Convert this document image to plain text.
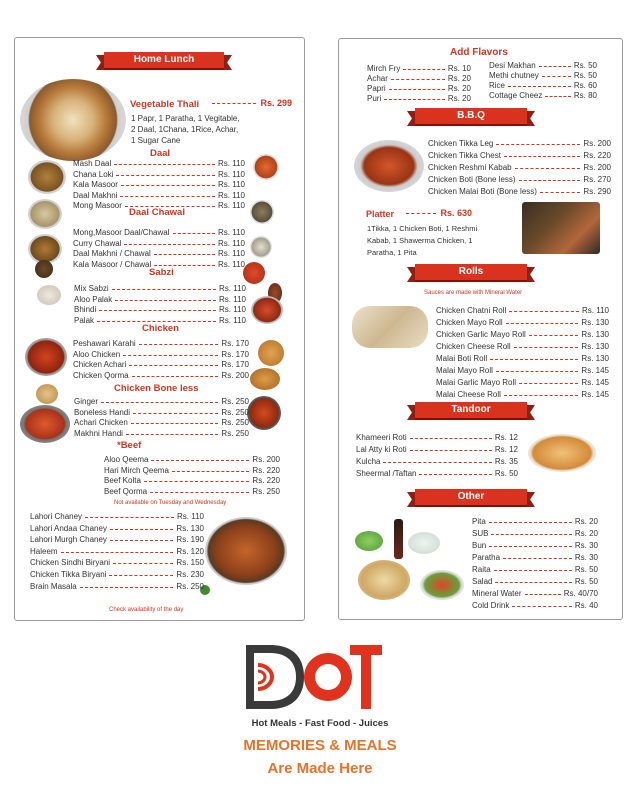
Home Lunch
Vegetable Thali	Rs. 299
1 Papr, 1 Paratha, 1 Vegitable,
2 Daal, 1Chana, 1Rice, Achar,
1 Sugar Cane
Daal
Daal Chawal
Sabzi
Chicken
Chicken Bone less
*Beef
Not available on Tuesday and Wednesday
Check availability of the day
Add Flavors
B.B.Q
Platter	Rs. 630
1Tikka, 1 Chicken Boti, 1 Reshmi
Kabab, 1 Shawerma Chicken, 1
Paratha, 1 Pita
Rolls
Sauces are made with Mineral Water
Tandoor
Other
Hot Meals - Fast Food - Juices
MEMORIES & MEALS
Are Made Here
Mash Daal	Rs. 110
Chana Loki	Rs. 110
Kala Masoor	Rs. 110
Daal Makhni	Rs. 110
Mong Masoor	Rs. 110
Mong,Masoor Daal/Chawal	Rs. 110
Curry Chawal	Rs. 110
Daal Makhni / Chawal	Rs. 110
Kala Masoor / Chawal	Rs. 110
Mix Sabzi	Rs. 110
Aloo Palak	Rs. 110
Bhindi	Rs. 110
Palak	Rs. 110
Peshawari Karahi	Rs. 170
Aloo Chicken	Rs. 170
Chicken Achari	Rs. 170
Chicken Qorma	Rs. 200
Ginger	Rs. 250
Boneless Handi	Rs. 250
Achari Chicken	Rs. 250
Makhni Handi	Rs. 250
Aloo Qeema	Rs. 200
Hari Mirch Qeema	Rs. 220
Beef Kolta	Rs. 220
Beef Qorma	Rs. 250
Lahori Chaney	Rs. 110
Lahori Andaa Chaney	Rs. 130
Lahori Murgh Chaney	Rs. 190
Haleem	Rs. 120
Chicken Sindhi Biryani	Rs. 150
Chicken Tikka Biryani	Rs. 230
Brain Masala	Rs. 250
Mirch Fry	Rs. 10
Achar	Rs. 20
Papri	Rs. 20
Puri	Rs. 20
Desi Makhan	Rs. 50
Methi chutney	Rs. 50
Rice	Rs. 60
Cottage Cheez	Rs. 80
Chicken Tikka Leg	Rs. 200
Chicken Tikka Chest	Rs. 220
Chicken Reshmi Kabab	Rs. 200
Chicken Boti (Bone less)	Rs. 270
Chicken Malai Boti (Bone less)	Rs. 290
Chicken Chatni Roll	Rs. 110
Chicken Mayo Roll	Rs. 130
Chicken Garlic Mayo Roll	Rs. 130
Chicken Cheese Roll	Rs. 130
Malai Boti Roll	Rs. 130
Malai Mayo Roll	Rs. 145
Malai Garlic Mayo Roll	Rs. 145
Malai Cheese Roll	Rs. 145
Khameeri Roti	Rs. 12
Lal Atty ki Roti	Rs. 12
Kulcha	Rs. 35
Sheermal /Taftan	Rs. 50
Pita	Rs. 20
SUB	Rs. 20
Bun	Rs. 30
Paratha	Rs. 30
Raita	Rs. 50
Salad	Rs. 50
Mineral Water	Rs. 40/70
Cold Drink	Rs. 40
